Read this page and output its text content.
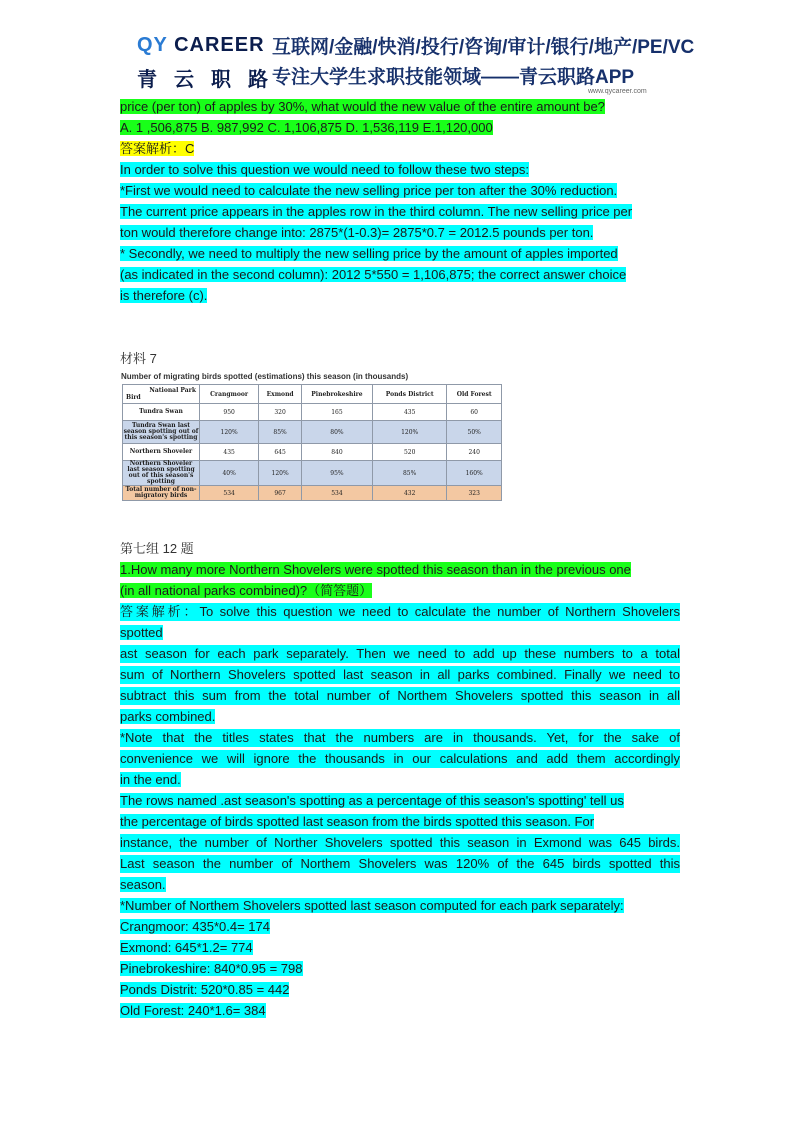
QY CAREER
青云职路
互联网/金融/快消/投行/咨询/审计/银行/地产/PE/VC
专注大学生求职技能领域——青云职路APP
www.qycareer.com
price (per ton) of apples by 30%, what would the new value of the entire amount be?
A. 1 ,506,875 B. 987,992 C. 1,106,875 D. 1,536,119 E.1,120,000
答案解析：C
In order to solve this question we would need to follow these two steps:
*First we would need to calculate the new selling price per ton after the 30% reduction.
The current price appears in the apples row in the third column. The new selling price per
ton would therefore change into: 2875*(1-0.3)= 2875*0.7 = 2012.5 pounds per ton.
* Secondly, we need to multiply the new selling price by the amount of apples imported
(as indicated in the second column): 2012 5*550 = 1,106,875; the correct answer choice
is therefore (c).
材料 7
Number of migrating birds spotted (estimations) this season (in thousands)
National Park
Bird	Crangmoor	Exmond	Pinebrokeshire	Ponds District	Old Forest
Tundra Swan	950	320	165	435	60
Tundra Swan last season spotting out of this season's spotting	120%	85%	80%	120%	50%
Northern Shoveler	435	645	840	520	240
Northern Shoveler last season spotting out of this season's spotting	40%	120%	95%	85%	160%
Total number of non-migratory birds	534	967	534	432	323
第七组 12 题
1.How many more Northern Shovelers were spotted this season than in the previous one
(in all national parks combined)?（简答题）
答案解析：To solve this question we need to calculate the number of Northern Shovelers
spotted
ast season for each park separately. Then we need to add up these numbers to a total
sum of Northern Shovelers spotted last season in all parks combined. Finally we need to
subtract this sum from the total number of Northem Shovelers spotted this season in all
parks combined.
*Note that the titles states that the numbers are in thousands. Yet, for the sake of
convenience we will ignore the thousands in our calculations and add them accordingly
in the end.
The rows named .ast season's spotting as a percentage of this season's spotting' tell us
the percentage of birds spotted last season from the birds spotted this season. For
instance, the number of Norther Shovelers spotted this season in Exmond was 645 birds.
Last season the number of Northem Shovelers was 120% of the 645 birds spotted this
season.
*Number of Northem Shovelers spotted last season computed for each park separately:
Crangmoor: 435*0.4= 174
Exmond: 645*1.2= 774
Pinebrokeshire: 840*0.95 = 798
Ponds Distrit: 520*0.85 = 442
Old Forest: 240*1.6= 384
